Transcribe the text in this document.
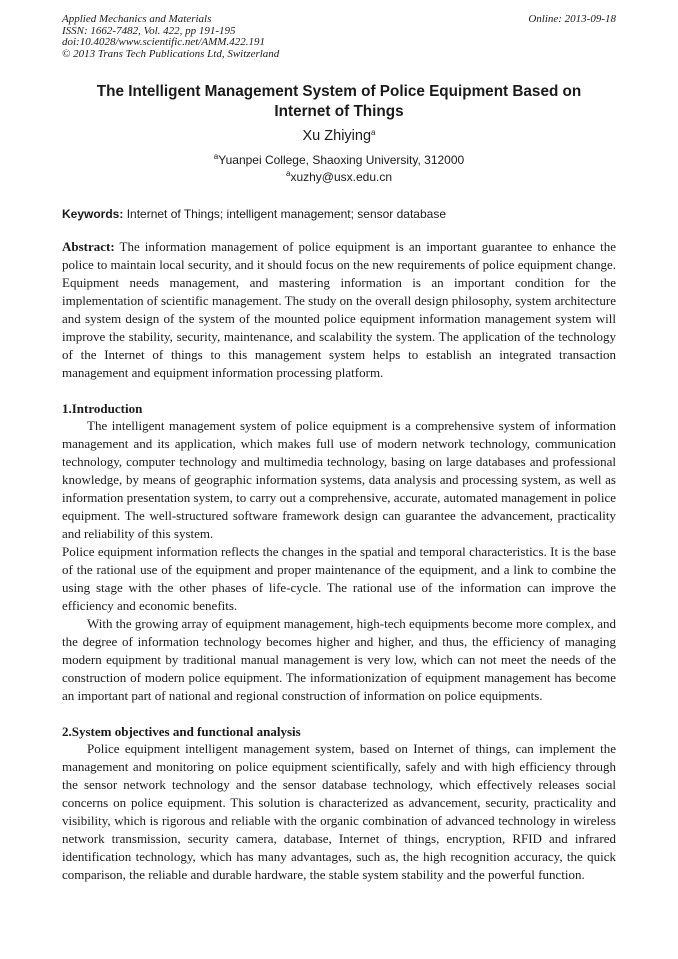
Applied Mechanics and Materials
ISSN: 1662-7482, Vol. 422, pp 191-195
doi:10.4028/www.scientific.net/AMM.422.191
© 2013 Trans Tech Publications Ltd, Switzerland
Online: 2013-09-18
The Intelligent Management System of Police Equipment Based on Internet of Things
Xu Zhiying$^a$
$^a$Yuanpei College, Shaoxing University, 312000
$^a$xuzhy@usx.edu.cn
Keywords: Internet of Things; intelligent management; sensor database

Abstract: The information management of police equipment is an important guarantee to enhance the police to maintain local security, and it should focus on the new requirements of police equipment change. Equipment needs management, and mastering information is an important condition for the implementation of scientific management. The study on the overall design philosophy, system architecture and system design of the system of the mounted police equipment information management system will improve the stability, security, maintenance, and scalability the system. The application of the technology of the Internet of things to this management system helps to establish an integrated transaction management and equipment information processing platform.

1.Introduction

The intelligent management system of police equipment is a comprehensive system of information management and its application, which makes full use of modern network technology, communication technology, computer technology and multimedia technology, basing on large databases and professional knowledge, by means of geographic information systems, data analysis and processing system, as well as information presentation system, to carry out a comprehensive, accurate, automated management in police equipment. The well-structured software framework design can guarantee the advancement, practicality and reliability of this system.

Police equipment information reflects the changes in the spatial and temporal characteristics. It is the base of the rational use of the equipment and proper maintenance of the equipment, and a link to combine the using stage with the other phases of life-cycle. The rational use of the information can improve the efficiency and economic benefits.

With the growing array of equipment management, high-tech equipments become more complex, and the degree of information technology becomes higher and higher, and thus, the efficiency of managing modern equipment by traditional manual management is very low, which can not meet the needs of the construction of modern police equipment. The informationization of equipment management has become an important part of national and regional construction of information on police equipments.

2.System objectives and functional analysis

Police equipment intelligent management system, based on Internet of things, can implement the management and monitoring on police equipment scientifically, safely and with high efficiency through the sensor network technology and the sensor database technology, which effectively releases social concerns on police equipment. This solution is characterized as advancement, security, practicality and visibility, which is rigorous and reliable with the organic combination of advanced technology in wireless network transmission, security camera, database, Internet of things, encryption, RFID and infrared identification technology, which has many advantages, such as, the high recognition accuracy, the quick comparison, the reliable and durable hardware, the stable system stability and the powerful function.
